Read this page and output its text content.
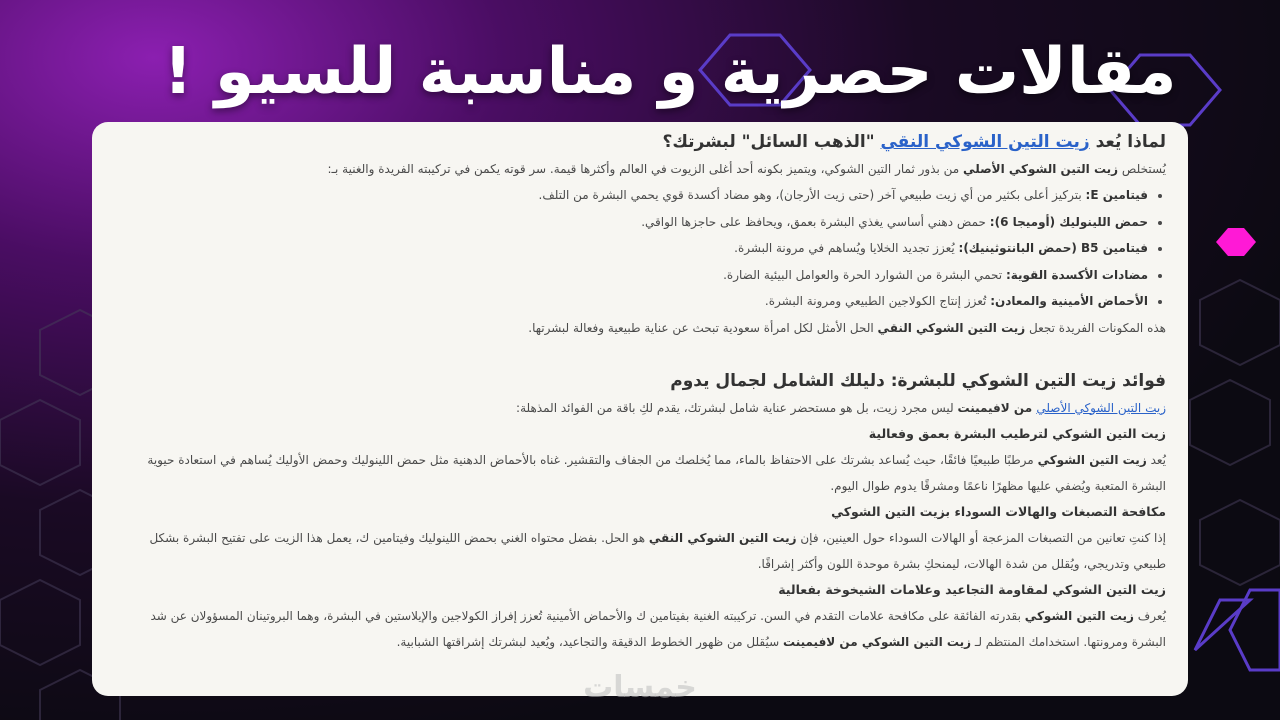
مقالات حصرية و مناسبة للسيو !

لماذا يُعد زيت التين الشوكي النقي "الذهب السائل" لبشرتك؟

يُستخلص زيت التين الشوكي الأصلي من بذور ثمار التين الشوكي، ويتميز بكونه أحد أغلى الزيوت في العالم وأكثرها قيمة. سر قوته يكمن في تركيبته الفريدة والغنية بـ:

• فيتامين E: بتركيز أعلى بكثير من أي زيت طبيعي آخر (حتى زيت الأرجان)، وهو مضاد أكسدة قوي يحمي البشرة من التلف.
• حمض اللينوليك (أوميجا 6): حمض دهني أساسي يغذي البشرة بعمق، ويحافظ على حاجزها الواقي.
• فيتامين B5 (حمض البانتوثينيك): يُعزز تجديد الخلايا ويُساهم في مرونة البشرة.
• مضادات الأكسدة القوية: تحمي البشرة من الشوارد الحرة والعوامل البيئية الضارة.
• الأحماض الأمينية والمعادن: تُعزز إنتاج الكولاجين الطبيعي ومرونة البشرة.

هذه المكونات الفريدة تجعل زيت التين الشوكي النقي الحل الأمثل لكل امرأة سعودية تبحث عن عناية طبيعية وفعالة لبشرتها.

فوائد زيت التين الشوكي للبشرة: دليلك الشامل لجمال يدوم

زيت التين الشوكي الأصلي من لافيمينت ليس مجرد زيت، بل هو مستحضر عناية شامل لبشرتك، يقدم لكِ باقة من الفوائد المذهلة:

زيت التين الشوكي لترطيب البشرة بعمق وفعالية

يُعد زيت التين الشوكي مرطبًا طبيعيًا فائقًا، حيث يُساعد بشرتك على الاحتفاظ بالماء، مما يُخلصك من الجفاف والتقشير. غناه بالأحماض الدهنية مثل حمض اللينوليك وحمض الأوليك يُساهم في استعادة حيوية البشرة المتعبة ويُضفي عليها مظهرًا ناعمًا ومشرقًا يدوم طوال اليوم.

مكافحة التصبغات والهالات السوداء بزيت التين الشوكي

إذا كنتِ تعانين من التصبغات المزعجة أو الهالات السوداء حول العينين، فإن زيت التين الشوكي النقي هو الحل. بفضل محتواه الغني بحمض اللينوليك وفيتامين ك، يعمل هذا الزيت على تفتيح البشرة بشكل طبيعي وتدريجي، ويُقلل من شدة الهالات، ليمنحكِ بشرة موحدة اللون وأكثر إشراقًا.

زيت التين الشوكي لمقاومة التجاعيد وعلامات الشيخوخة بفعالية

يُعرف زيت التين الشوكي بقدرته الفائقة على مكافحة علامات التقدم في السن. تركيبته الغنية بفيتامين ك والأحماض الأمينية تُعزز إفراز الكولاجين والإيلاستين في البشرة، وهما البروتينان المسؤولان عن شد البشرة ومرونتها. استخدامك المنتظم لـ زيت التين الشوكي من لافيمينت سيُقلل من ظهور الخطوط الدقيقة والتجاعيد، ويُعيد لبشرتك إشراقتها الشبابية.

خمسات
